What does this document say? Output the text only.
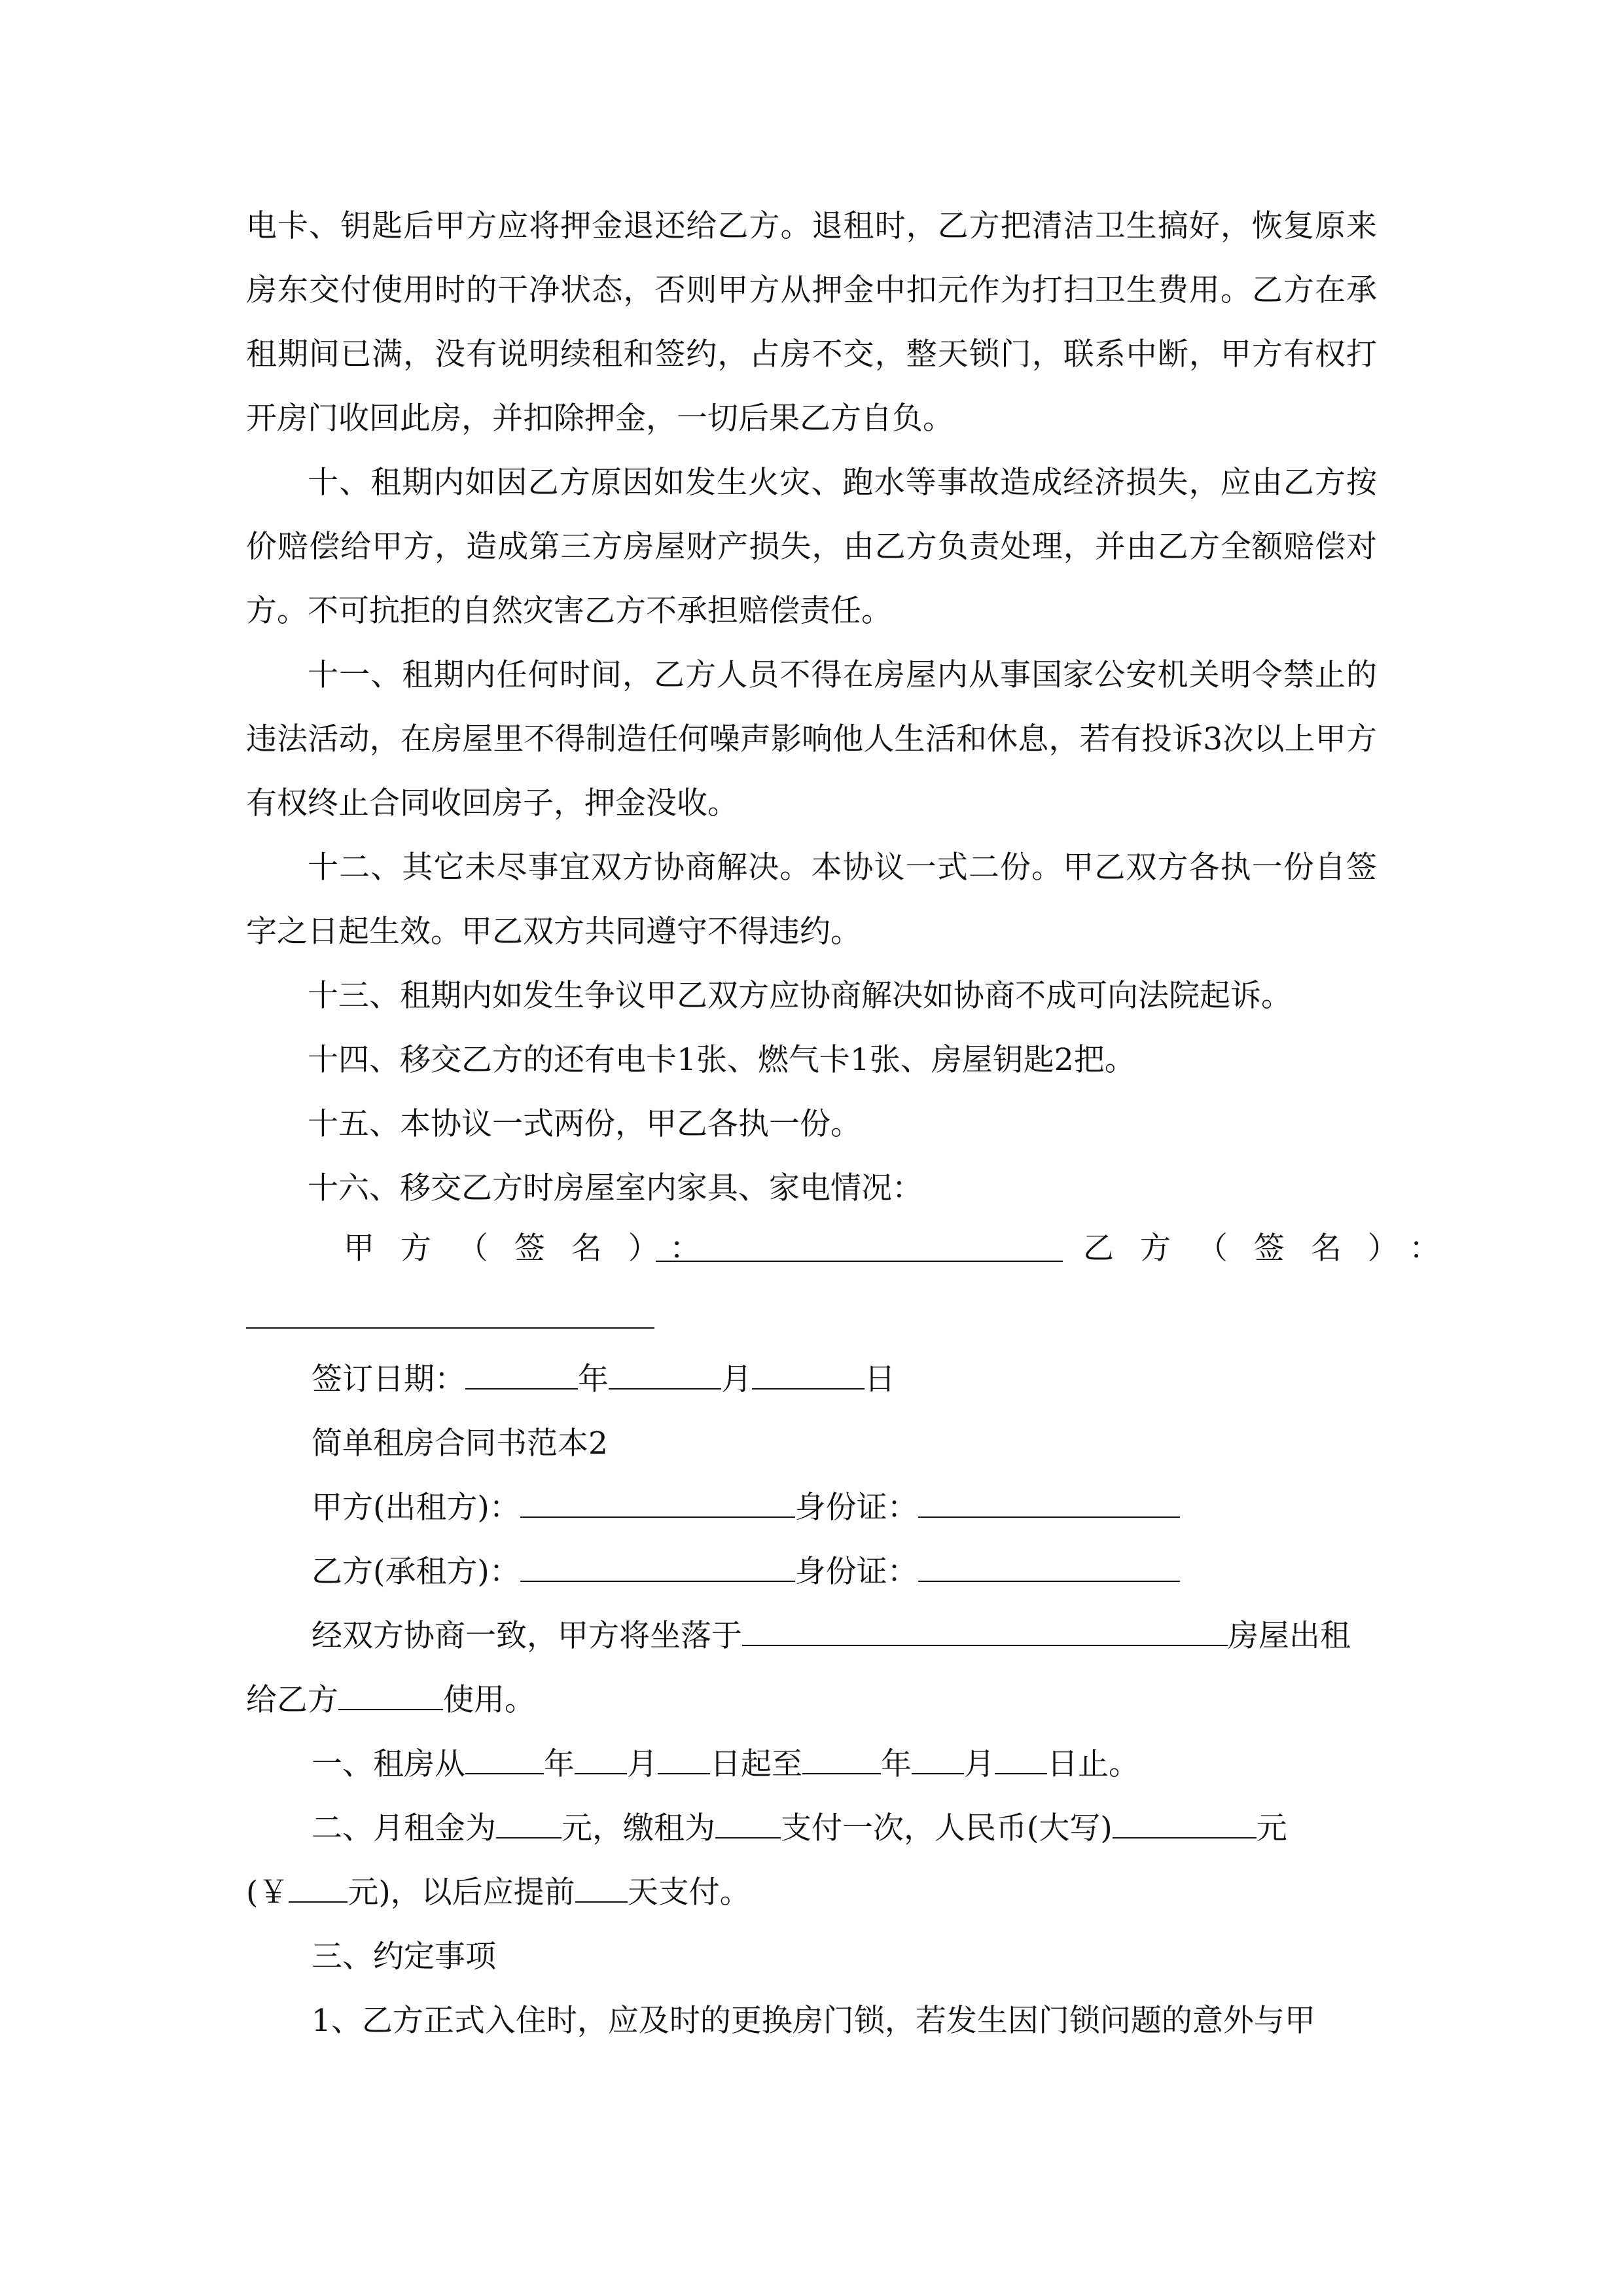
电卡、钥匙后甲方应将押金退还给乙方。退租时，乙方把清洁卫生搞好，恢复原来房东交付使用时的干净状态，否则甲方从押金中扣元作为打扫卫生费用。乙方在承租期间已满，没有说明续租和签约，占房不交，整天锁门，联系中断，甲方有权打开房门收回此房，并扣除押金，一切后果乙方自负。

十、租期内如因乙方原因如发生火灾、跑水等事故造成经济损失，应由乙方按价赔偿给甲方，造成第三方房屋财产损失，由乙方负责处理，并由乙方全额赔偿对方。不可抗拒的自然灾害乙方不承担赔偿责任。

十一、租期内任何时间，乙方人员不得在房屋内从事国家公安机关明令禁止的违法活动，在房屋里不得制造任何噪声影响他人生活和休息，若有投诉3次以上甲方有权终止合同收回房子，押金没收。

十二、其它未尽事宜双方协商解决。本协议一式二份。甲乙双方各执一份自签字之日起生效。甲乙双方共同遵守不得违约。

十三、租期内如发生争议甲乙双方应协商解决如协商不成可向法院起诉。

十四、移交乙方的还有电卡1张、燃气卡1张、房屋钥匙2把。

十五、本协议一式两份，甲乙各执一份。

十六、移交乙方时房屋室内家具、家电情况：

甲方（签名）：	乙方（签名）：
签订日期：	年	月	日
简单租房合同书范本2
甲方(出租方)：	身份证：
乙方(承租方)：	身份证：
经双方协商一致，甲方将坐落于	房屋出租
给乙方	使用。
一、租房从	年 月 日起至	年 月 日止。
二、月租金为 元，缴租为 支付一次，人民币(大写)	元
(￥ 元)，以后应提前 天支付。
三、约定事项
1、乙方正式入住时，应及时的更换房门锁，若发生因门锁问题的意外与甲
